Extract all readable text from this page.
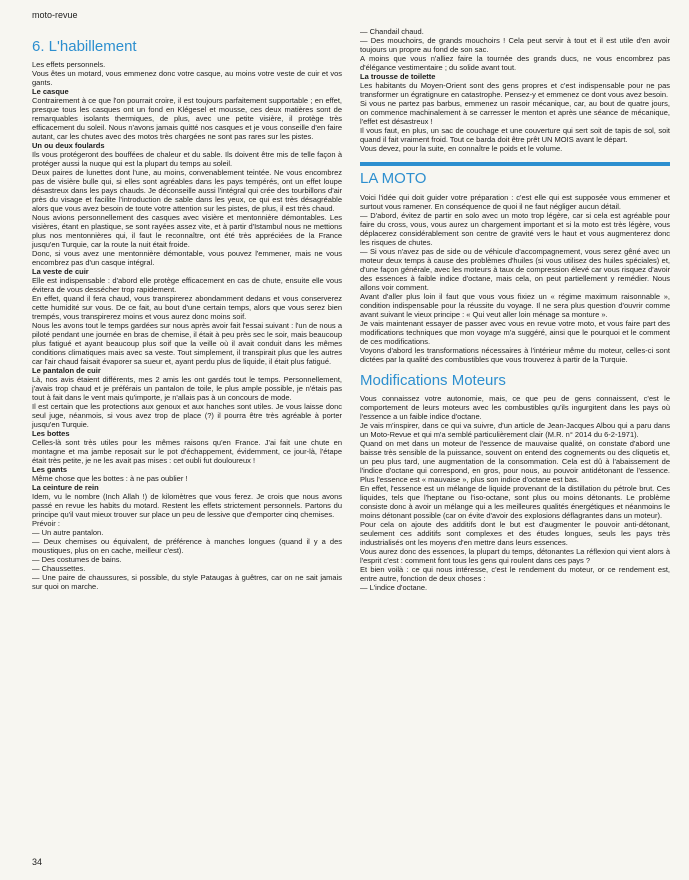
moto-revue
6. L'habillement

Les effets personnels.

Vous êtes un motard, vous emmenez donc votre casque, au moins votre veste de cuir et vos gants.

Le casque

Contrairement à ce que l'on pourrait croire, il est toujours parfaitement supportable ; en effet, presque tous les casques ont un fond en Klégesel et mousse, ces deux matières sont de remarquables isolants thermiques, de plus, avec une petite visière, il protège très efficacement du soleil. Nous n'avons jamais quitté nos casques et je vous conseille d'en faire autant, car les chutes avec des motos très chargées ne sont pas rares sur les pistes.

Un ou deux foulards

Ils vous protégeront des bouffées de chaleur et du sable. Ils doivent être mis de telle façon à protéger aussi la nuque qui est la plupart du temps au soleil.

Deux paires de lunettes dont l'une, au moins, convenablement teintée. Ne vous encombrez pas de visière bulle qui, si elles sont agréables dans les pays tempérés, ont un effet loupe désastreux dans les pays chauds. Je déconseille aussi l'intégral qui crée des tourbillons d'air près du visage et facilite l'introduction de sable dans les yeux, ce qui est très désagréable alors que vous avez besoin de toute votre attention sur les pistes, de plus, il est très chaud.

Nous avions personnellement des casques avec visière et mentonnière démontables. Les visières, étant en plastique, se sont rayées assez vite, et à partir d'Istambul nous ne mettions plus nos mentonnières qui, il faut le reconnaître, ont été très appréciées de la France jusqu'en Turquie, car la route la nuit était froide.

Donc, si vous avez une mentonnière démontable, vous pouvez l'emmener, mais ne vous encombrez pas d'un casque intégral.

La veste de cuir

Elle est indispensable : d'abord elle protège efficacement en cas de chute, ensuite elle vous évitera de vous dessécher trop rapidement.

En effet, quand il fera chaud, vous transpirerez abondamment dedans et vous conserverez cette humidité sur vous. De ce fait, au bout d'une certain temps, alors que vous serez bien trempés, vous transpirerez moins et vous aurez donc moins soif.

Nous les avons tout le temps gardées sur nous après avoir fait l'essai suivant : l'un de nous a piloté pendant une journée en bras de chemise, il était à peu près sec le soir, mais beaucoup plus fatigué et ayant beaucoup plus soif que la veille où il avait conduit dans les mêmes conditions climatiques mais avec sa veste. Tout simplement, il transpirait plus que les autres car l'air chaud faisait évaporer sa sueur et, ayant perdu plus de liquide, il était plus fatigué.

Le pantalon de cuir

Là, nos avis étaient différents, mes 2 amis les ont gardés tout le temps. Personnellement, j'avais trop chaud et je préférais un pantalon de toile, le plus ample possible, je n'étais pas tout à fait dans le vent mais qu'importe, je n'allais pas à un concours de mode.

Il est certain que les protections aux genoux et aux hanches sont utiles. Je vous laisse donc seul juge, néanmois, si vous avez trop de place (?) il pourra être très agréable à porter jusqu'en Turquie.

Les bottes

Celles-là sont très utiles pour les mêmes raisons qu'en France. J'ai fait une chute en montagne et ma jambe reposait sur le pot d'échappement, évidemment, ce jour-là, l'étape était très petite, je ne les avait pas mises : cet oubli fut douloureux !

Les gants

Même chose que les bottes : à ne pas oublier !

La ceinture de rein

Idem, vu le nombre (Inch Allah !) de kilomètres que vous ferez. Je crois que nous avons passé en revue les habits du motard. Restent les effets strictement personnels. Partons du principe qu'il vaut mieux trouver sur place un peu de lessive que d'emporter cinq chemises.

Prévoir :

— Un autre pantalon.

— Deux chemises ou équivalent, de préférence à manches longues (quand il y a des moustiques, plus on en cache, meilleur c'est).

— Des costumes de bains.

— Chaussettes.

— Une paire de chaussures, si possible, du style Pataugas à guêtres, car on ne sait jamais sur quoi on marche.

— Chandail chaud.

— Des mouchoirs, de grands mouchoirs ! Cela peut servir à tout et il est utile d'en avoir toujours un propre au fond de son sac.

A moins que vous n'alliez faire la tournée des grands ducs, ne vous encombrez pas d'élégance vestimentaire ; du solide avant tout.

La trousse de toilette

Les habitants du Moyen-Orient sont des gens propres et c'est indispensable pour ne pas transformer un égratignure en catastrophe. Pensez-y et emmenez ce dont vous avez besoin.

Si vous ne partez pas barbus, emmenez un rasoir mécanique, car, au bout de quatre jours, on commence machinalement à se carresser le menton et après une séance de mécanique, l'effet est désastreux !

Il vous faut, en plus, un sac de couchage et une couverture qui sert soit de tapis de sol, soit quand il fait vraiment froid. Tout ce barda doit être prêt UN MOIS avant le départ.

Vous devez, pour la suite, en connaître le poids et le volume.

LA MOTO

Voici l'idée qui doit guider votre préparation : c'est elle qui est supposée vous emmener et surtout vous ramener. En conséquence de quoi il ne faut négliger aucun détail.

— D'abord, évitez de partir en solo avec un moto trop légère, car si cela est agréable pour faire du cross, vous, vous aurez un chargement important et si la moto est très légère, vous déplacerez considérablement son centre de gravité vers le haut et vous augmenterez donc les risques de chutes.

— Si vous n'avez pas de side ou de véhicule d'accompagnement, vous serez gêné avec un moteur deux temps à cause des problèmes d'huiles (si vous utilisez des huiles spéciales) et, d'une façon générale, avec les moteurs à taux de compression élevé car vous risquez d'avoir des essences à faible indice d'octane, mais cela, on peut partiellement y remédier. Nous allons voir comment.

Avant d'aller plus loin il faut que vous vous fixiez un « régime maximum raisonnable », condition indispensable pour la réussite du voyage. Il ne sera plus question d'ouvrir comme avant suivant le vieux principe : « Qui veut aller loin ménage sa monture ».

Je vais maintenant essayer de passer avec vous en revue votre moto, et vous faire part des modifications techniques que mon voyage m'a suggéré, ainsi que le pourquoi et le comment de ces modifications.

Voyons d'abord les transformations nécessaires à l'intérieur même du moteur, celles-ci sont dictées par la qualité des combustibles que vous trouverez à partir de la Turquie.

Modifications Moteurs

Vous connaissez votre autonomie, mais, ce que peu de gens connaissent, c'est le comportement de leurs moteurs avec les combustibles qu'ils ingurgitent dans les pays où l'essence a un faible indice d'octane.

Je vais m'inspirer, dans ce qui va suivre, d'un article de Jean-Jacques Albou qui a paru dans un Moto-Revue et qui m'a semblé particulièrement clair (M.R. n° 2014 du 6-2-1971).

Quand on met dans un moteur de l'essence de mauvaise qualité, on constate d'abord une baisse très sensible de la puissance, souvent on entend des cognements ou des cliquetis et, un peu plus tard, une augmentation de la consommation. Cela est dû à l'abaissement de l'indice d'octane qui correspond, en gros, pour nous, au pouvoir antidétonant de l'essence. Plus l'essence est « mauvaise », plus son indice d'octane est bas.

En effet, l'essence est un mélange de liquide provenant de la distillation du pétrole brut. Ces liquides, tels que l'heptane ou l'iso-octane, sont plus ou moins détonants. Le problème consiste donc à avoir un mélange qui a les meilleures qualités énergétiques et néanmoins le moins détonant possible (car on évite d'avoir des explosions déflagrantes dans un moteur).

Pour cela on ajoute des additifs dont le but est d'augmenter le pouvoir anti-détonant, seulement ces additifs sont complexes et des études longues, seuls les pays très industrialisés ont les moyens d'en mettre dans leurs essences.

Vous aurez donc des essences, la plupart du temps, détonantes La réflexion qui vient alors à l'esprit c'est : comment font tous les gens qui roulent dans ces pays ?

Et bien voilà : ce qui nous intéresse, c'est le rendement du moteur, or ce rendement est, entre autre, fonction de deux choses :

— L'indice d'octane.

34
